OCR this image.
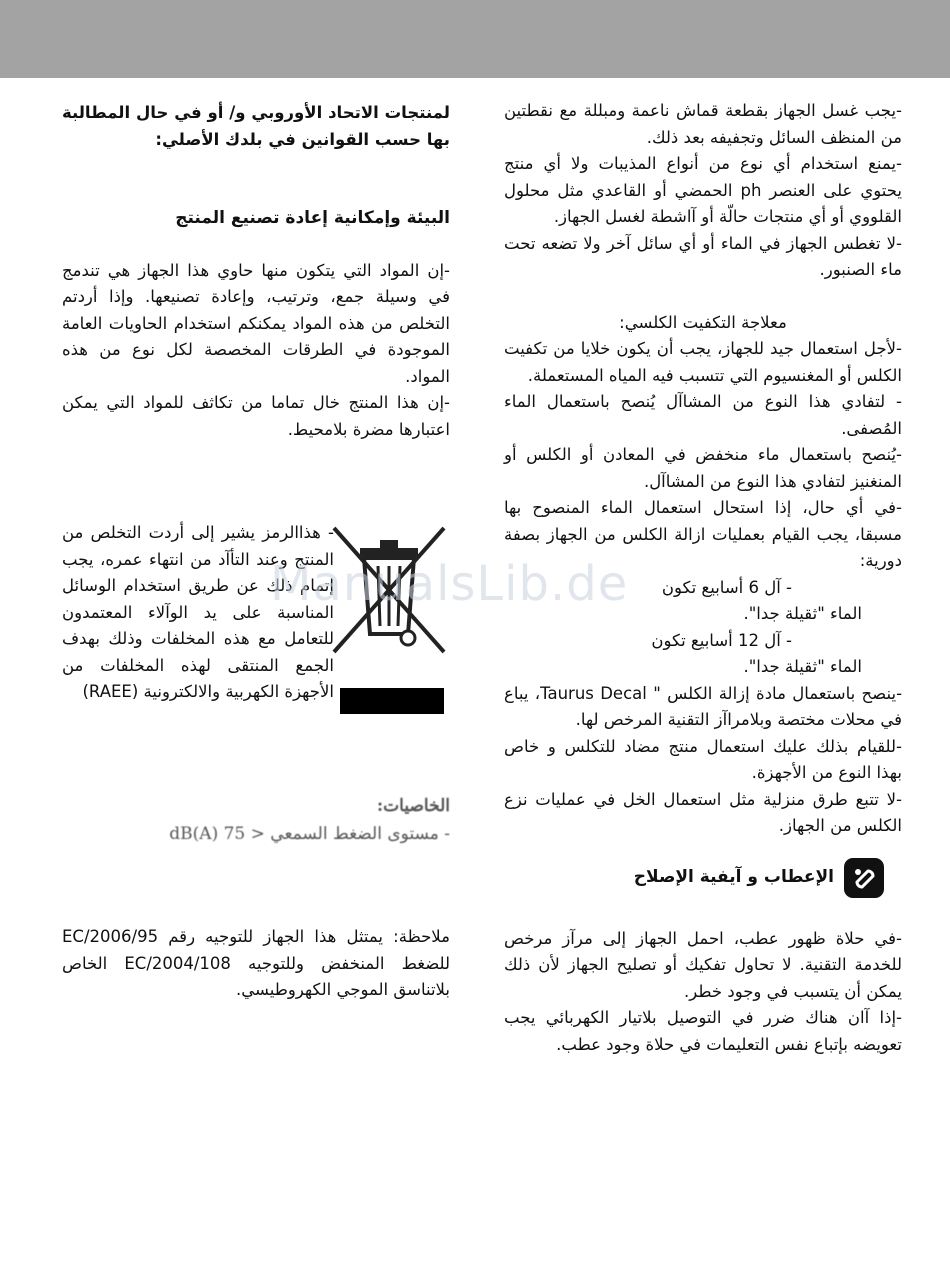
-يجب غسل الجهاز بقطعة قماش ناعمة ومبللة مع نقطتين من المنظف السائل وتجفيفه بعد ذلك.

-يمنع استخدام أي نوع من أنواع المذيبات ولا أي منتج يحتوي على العنصر ph الحمضي أو القاعدي مثل محلول القلووي أو أي منتجات حالّة أو آاشطة لغسل الجهاز.

-لا تغطس الجهاز في الماء أو أي سائل آخر ولا تضعه تحت ماء الصنبور.

معلاجة التكفيت الكلسي:

-لأجل استعمال جيد للجهاز، يجب أن يكون خلايا من تكفيت الكلس أو المغنسيوم التي تتسبب فيه المياه المستعملة.

- لتفادي هذا النوع من المشاآل يُنصح باستعمال الماء المُصفى.

-يُنصح باستعمال ماء منخفض في المعادن أو الكلس أو المنغنيز لتفادي هذا النوع من المشاآل.

-في أي حال، إذا استحال استعمال الماء المنصوح بها مسبقا، يجب القيام بعمليات ازالة الكلس من الجهاز بصفة دورية:

- آل 6 أسابيع تكون

الماء "ثقيلة جدا".

- آل 12 أسابيع تكون

الماء "ثقيلة جدا".

-ينصح باستعمال مادة إزالة الكلس " Taurus Decal، يباع في محلات مختصة وبلامراآز التقنية المرخص لها.

-للقيام بذلك عليك استعمال منتج مضاد للتكلس و خاص بهذا النوع من الأجهزة.

-لا تتبع طرق منزلية مثل استعمال الخل في عمليات نزع الكلس من الجهاز.

الإعطاب و آيفية الإصلاح

-في حلاة ظهور عطب، احمل الجهاز إلى مرآز مرخص للخدمة التقنية. لا تحاول تفكيك أو تصليح الجهاز لأن ذلك يمكن أن يتسبب في وجود خطر.

-إذا آان هناك ضرر في التوصيل بلاتيار الكهربائي يجب تعويضه بإتباع نفس التعليمات في حلاة وجود عطب.

لمنتجات الاتحاد الأوروبي و/ أو في حال المطالبة بها حسب القوانين في بلدك الأصلي:

البيئة وإمكانية إعادة تصنيع المنتج

-إن المواد التي يتكون منها حاوي هذا الجهاز هي تندمج في وسيلة جمع، وترتيب، وإعادة تصنيعها. وإذا أردتم التخلص من هذه المواد يمكنكم استخدام الحاويات العامة الموجودة في الطرقات المخصصة لكل نوع من هذه المواد.

-إن هذا المنتج خال تماما من تكاثف للمواد التي يمكن اعتبارها مضرة بلامحيط.

- هذاالرمز يشير إلى أردت التخلص من المنتج وعند التأآد من انتهاء عمره، يجب إتمام ذلك عن طريق استخدام الوسائل المناسبة على يد الوآلاء المعتمدون للتعامل مع هذه المخلفات وذلك بهدف الجمع المنتقى لهذه المخلفات من الأجهزة الكهربية والالكترونية (RAEE)
ManualsLib.de
الخاصيات:
- مستوى الضغط السمعي < 75 dB(A)

ملاحظة: يمتثل هذا الجهاز للتوجيه رقم 2006/95/EC للضغط المنخفض وللتوجيه 2004/108/EC الخاص بلاتناسق الموجي الكهروطيسي.
